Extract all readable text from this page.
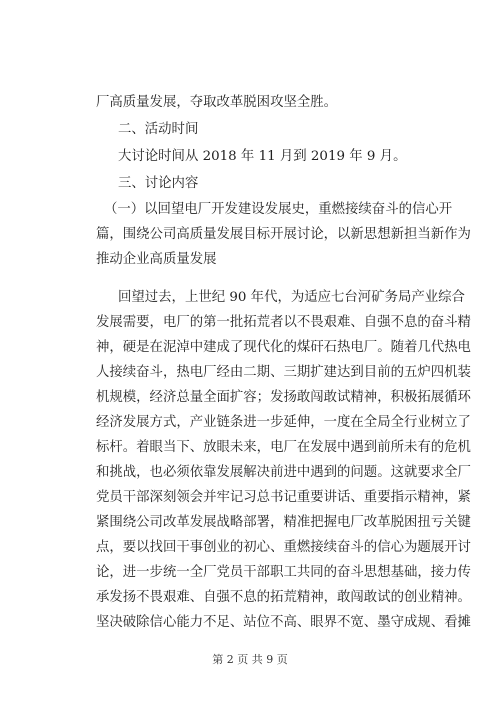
厂高质量发展，夺取改革脱困攻坚全胜。
二、活动时间
大讨论时间从 2018 年 11 月到 2019 年 9 月。
三、讨论内容
（一）以回望电厂开发建设发展史，重燃接续奋斗的信心开
篇，围绕公司高质量发展目标开展讨论，以新思想新担当新作为
推动企业高质量发展
回望过去，上世纪 90 年代，为适应七台河矿务局产业综合
发展需要，电厂的第一批拓荒者以不畏艰难、自强不息的奋斗精
神，硬是在泥淖中建成了现代化的煤矸石热电厂。随着几代热电
人接续奋斗，热电厂经由二期、三期扩建达到目前的五炉四机装
机规模，经济总量全面扩容；发扬敢闯敢试精神，积极拓展循环
经济发展方式，产业链条进一步延伸，一度在全局全行业树立了
标杆。着眼当下、放眼未来，电厂在发展中遇到前所未有的危机
和挑战，也必须依靠发展解决前进中遇到的问题。这就要求全厂
党员干部深刻领会并牢记习总书记重要讲话、重要指示精神，紧
紧围绕公司改革发展战略部署，精准把握电厂改革脱困扭亏关键
点，要以找回干事创业的初心、重燃接续奋斗的信心为题展开讨
论，进一步统一全厂党员干部职工共同的奋斗思想基础，接力传
承发扬不畏艰难、自强不息的拓荒精神，敢闯敢试的创业精神。
坚决破除信心能力不足、站位不高、眼界不宽、墨守成规、看摊
第 2 页 共 9 页
